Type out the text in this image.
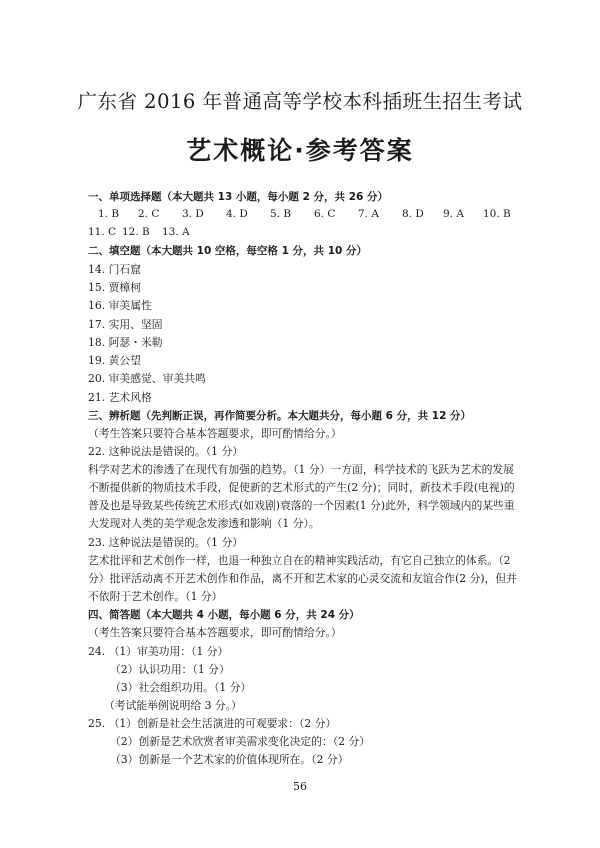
广东省 2016 年普通高等学校本科插班生招生考试
艺术概论·参考答案
一、单项选择题（本大题共 13 小题，每小题 2 分，共 26 分）
1. B 2. C 3. D 4. D 5. B 6. C 7. A 8. D 9. A 10. B
11. C 12. B 13. A
二、填空题（本大题共 10 空格，每空格 1 分，共 10 分）
14. 门石窟
15. 贾樟柯
16. 审美属性
17. 实用、坚固
18. 阿瑟・米勒
19. 黄公望
20. 审美感觉、审美共鸣
21. 艺术风格
三、辨析题（先判断正误，再作简要分析。本大题共分，每小题 6 分，共 12 分）
（考生答案只要符合基本答题要求，即可酌情给分。）
22. 这种说法是错误的。（1 分）
科学对艺术的渗透了在现代有加强的趋势。（1 分）一方面，科学技术的飞跃为艺术的发展
不断提供新的物质技术手段，促使新的艺术形式的产生(2 分)；同时，新技术手段(电视)的
普及也是导致某些传统艺术形式(如戏剧)衰落的一个因素(1 分)此外，科学领域内的某些重
大发现对人类的美学观念发渗透和影响（1 分）。
23. 这种说法是错误的。（1 分）
艺术批评和艺术创作一样，也退一种独立自在的精神实践活动，有它自己独立的体系。（2
分）批评活动离不开艺术创作和作品，离不开和艺术家的心灵交流和友谊合作(2 分)，但并
不依附于艺术创作。（1 分）
四、简答题（本大题共 4 小题，每小题 6 分，共 24 分）
（考生答案只要符合基本答题要求，即可酌情给分。）
24. （1）审美功用：（1 分）
（2）认识功用：（1 分）
（3）社会组织功用。（1 分）
（考试能举例说明给 3 分。）
25. （1）创新是社会生活演进的可观要求：（2 分）
（2）创新是艺术欣赏者审美需求变化决定的：（2 分）
（3）创新是一个艺术家的价值体现所在。（2 分）
56
